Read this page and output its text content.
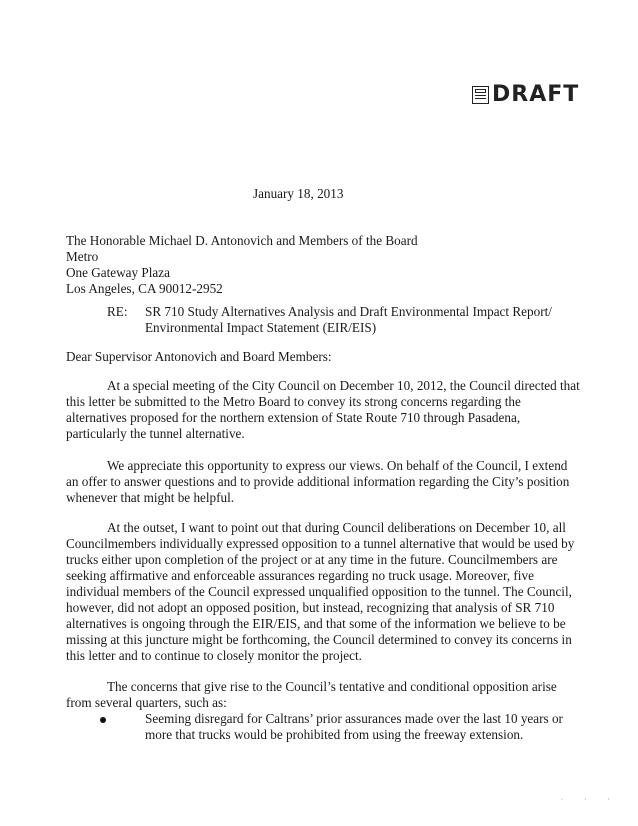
DRAFT
January 18, 2013
The Honorable Michael D. Antonovich and Members of the Board
Metro
One Gateway Plaza
Los Angeles, CA 90012-2952
RE: SR 710 Study Alternatives Analysis and Draft Environmental Impact Report/
Environmental Impact Statement (EIR/EIS)
Dear Supervisor Antonovich and Board Members:
At a special meeting of the City Council on December 10, 2012, the Council directed that
this letter be submitted to the Metro Board to convey its strong concerns regarding the
alternatives proposed for the northern extension of State Route 710 through Pasadena,
particularly the tunnel alternative.
We appreciate this opportunity to express our views. On behalf of the Council, I extend
an offer to answer questions and to provide additional information regarding the City’s position
whenever that might be helpful.
At the outset, I want to point out that during Council deliberations on December 10, all
Councilmembers individually expressed opposition to a tunnel alternative that would be used by
trucks either upon completion of the project or at any time in the future. Councilmembers are
seeking affirmative and enforceable assurances regarding no truck usage. Moreover, five
individual members of the Council expressed unqualified opposition to the tunnel. The Council,
however, did not adopt an opposed position, but instead, recognizing that analysis of SR 710
alternatives is ongoing through the EIR/EIS, and that some of the information we believe to be
missing at this juncture might be forthcoming, the Council determined to convey its concerns in
this letter and to continue to closely monitor the project.
The concerns that give rise to the Council’s tentative and conditional opposition arise
from several quarters, such as:
Seeming disregard for Caltrans’ prior assurances made over the last 10 years or
more that trucks would be prohibited from using the freeway extension.
· · ·
